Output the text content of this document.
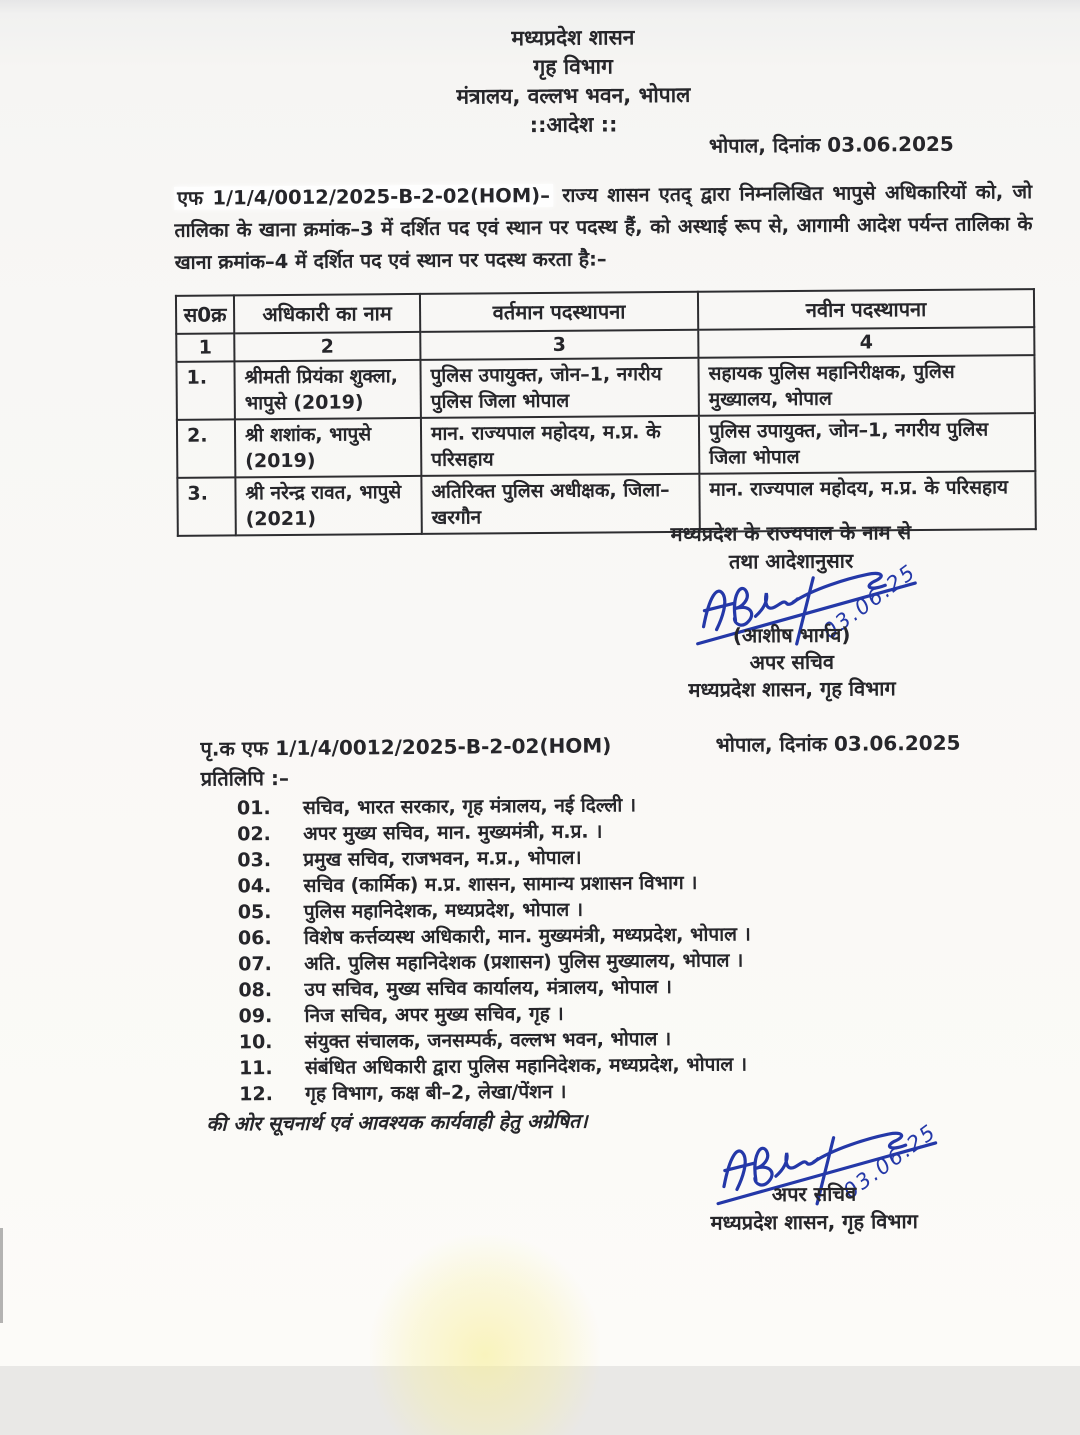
मध्यप्रदेश शासन
गृह विभाग
मंत्रालय, वल्लभ भवन, भोपाल
::आदेश ::
भोपाल, दिनांक 03.06.2025
एफ 1/1/4/0012/2025-B-2-02(HOM)– राज्य शासन एतद् द्वारा निम्नलिखित भापुसे अधिकारियों को, जो तालिका के खाना क्रमांक–3 में दर्शित पद एवं स्थान पर पदस्थ हैं, को अस्थाई रूप से, आगामी आदेश पर्यन्त तालिका के खाना क्रमांक–4 में दर्शित पद एवं स्थान पर पदस्थ करता है:–
स0क्र	अधिकारी का नाम	वर्तमान पदस्थापना	नवीन पदस्थापना
1	2	3	4
1.	श्रीमती प्रियंका शुक्ला, भापुसे (2019)	पुलिस उपायुक्त, जोन–1, नगरीय पुलिस जिला भोपाल	सहायक पुलिस महानिरीक्षक, पुलिस मुख्यालय, भोपाल
2.	श्री शशांक, भापुसे (2019)	मान. राज्यपाल महोदय, म.प्र. के परिसहाय	पुलिस उपायुक्त, जोन–1, नगरीय पुलिस जिला भोपाल
3.	श्री नरेन्द्र रावत, भापुसे (2021)	अतिरिक्त पुलिस अधीक्षक, जिला–खरगौन	मान. राज्यपाल महोदय, म.प्र. के परिसहाय
मध्यप्रदेश के राज्यपाल के नाम से
तथा आदेशानुसार
03.06.25
(आशीष भार्गव)
अपर सचिव
मध्यप्रदेश शासन, गृह विभाग
पृ.क एफ 1/1/4/0012/2025-B-2-02(HOM)	भोपाल, दिनांक 03.06.2025
प्रतिलिपि :–
01.	सचिव, भारत सरकार, गृह मंत्रालय, नई दिल्ली ।
02.	अपर मुख्य सचिव, मान. मुख्यमंत्री, म.प्र. ।
03.	प्रमुख सचिव, राजभवन, म.प्र., भोपाल।
04.	सचिव (कार्मिक) म.प्र. शासन, सामान्य प्रशासन विभाग ।
05.	पुलिस महानिदेशक, मध्यप्रदेश, भोपाल ।
06.	विशेष कर्त्तव्यस्थ अधिकारी, मान. मुख्यमंत्री, मध्यप्रदेश, भोपाल ।
07.	अति. पुलिस महानिदेशक (प्रशासन) पुलिस मुख्यालय, भोपाल ।
08.	उप सचिव, मुख्य सचिव कार्यालय, मंत्रालय, भोपाल ।
09.	निज सचिव, अपर मुख्य सचिव, गृह ।
10.	संयुक्त संचालक, जनसम्पर्क, वल्लभ भवन, भोपाल ।
11.	संबंधित अधिकारी द्वारा पुलिस महानिदेशक, मध्यप्रदेश, भोपाल ।
12.	गृह विभाग, कक्ष बी–2, लेखा/पेंशन ।
की ओर सूचनार्थ एवं आवश्यक कार्यवाही हेतु अग्रेषित।	03.06.25
अपर सचिव
मध्यप्रदेश शासन, गृह विभाग
